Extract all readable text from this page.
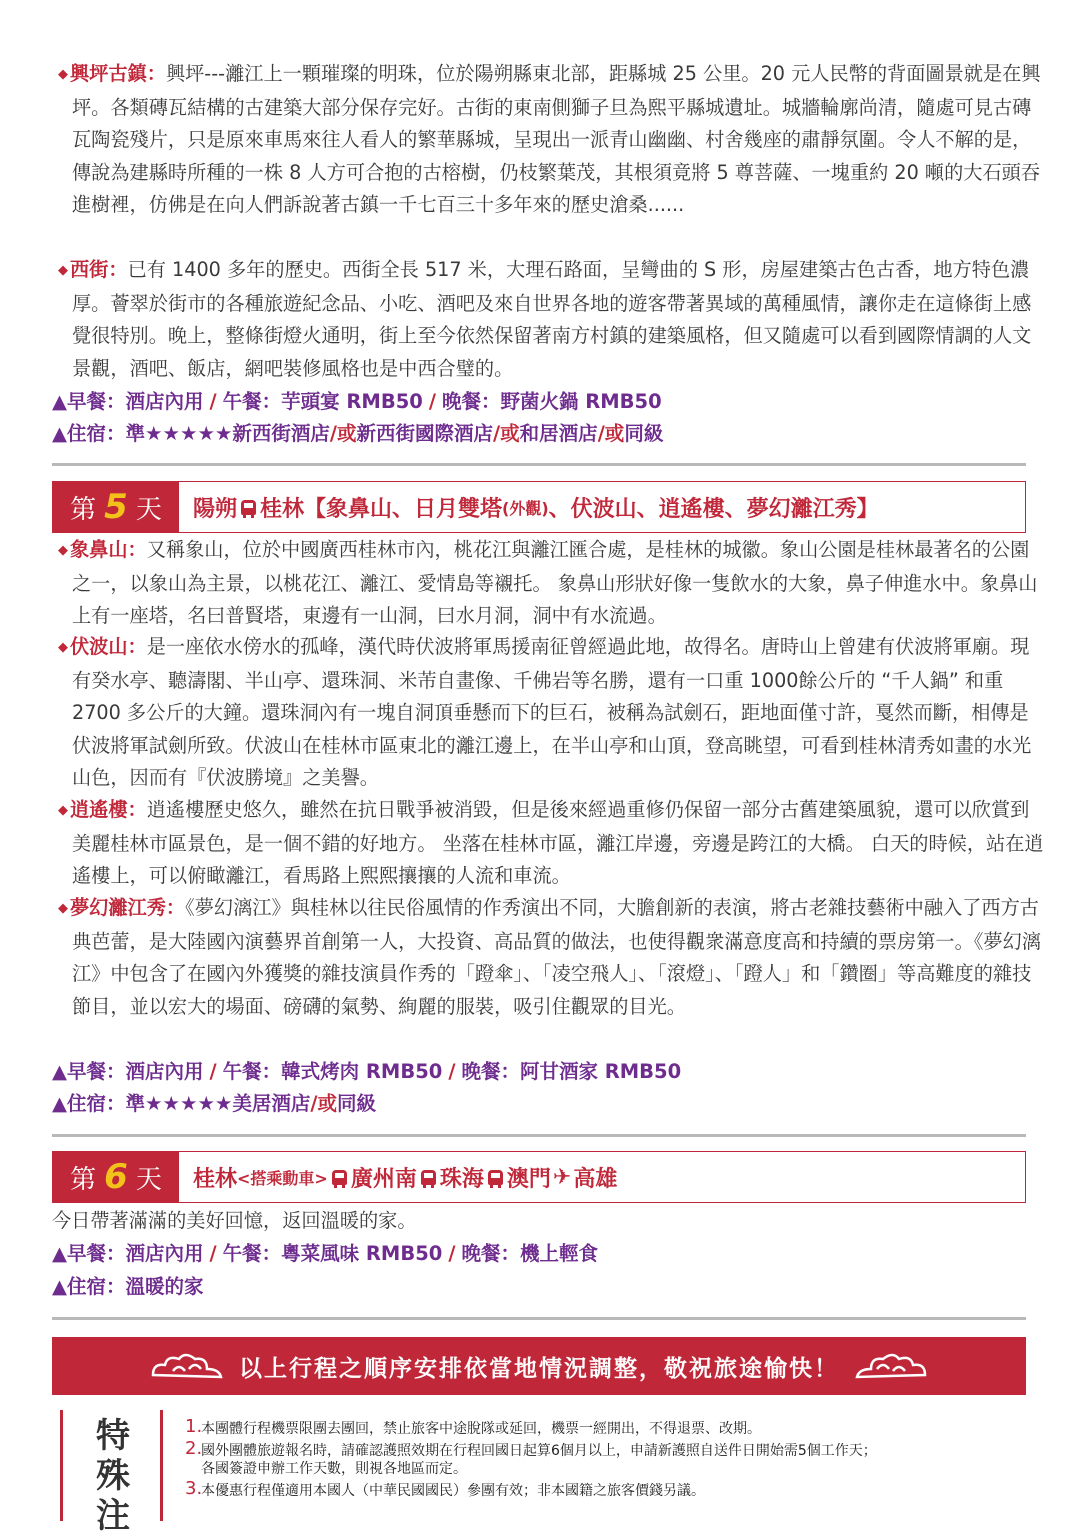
◆ 興坪古鎮：興坪---灕江上一顆璀璨的明珠，位於陽朔縣東北部，距縣城 25 公里。20 元人民幣的背面圖景就是在興坪。各類磚瓦結構的古建築大部分保存完好。古街的東南側獅子旦為熙平縣城遺址。城牆輪廓尚清，隨處可見古磚瓦陶瓷殘片，只是原來車馬來往人看人的繁華縣城，呈現出一派青山幽幽、村舍幾座的肅靜氛圍。令人不解的是，傳說為建縣時所種的一株 8 人方可合抱的古榕樹，仍枝繁葉茂，其根須竟將 5 尊菩薩、一塊重約 20 噸的大石頭吞進樹裡，仿佛是在向人們訴說著古鎮一千七百三十多年來的歷史滄桑......
◆ 西街：已有 1400 多年的歷史。西街全長 517 米，大理石路面，呈彎曲的 S 形，房屋建築古色古香，地方特色濃厚。薈翠於街市的各種旅遊紀念品、小吃、酒吧及來自世界各地的遊客帶著異域的萬種風情，讓你走在這條街上感覺很特別。晚上，整條街燈火通明，街上至今依然保留著南方村鎮的建築風格，但又隨處可以看到國際情調的人文景觀，酒吧、飯店，網吧裝修風格也是中西合璧的。
▲早餐：酒店內用 / 午餐：芋頭宴 RMB50 / 晚餐：野菌火鍋 RMB50
▲住宿：準★★★★★新西街酒店/或新西街國際酒店/或和居酒店/或同級
第 5 天 陽朔 桂林【象鼻山、日月雙塔 (外觀) 、伏波山、逍遙樓、夢幻灕江秀】
◆ 象鼻山：又稱象山，位於中國廣西桂林市內，桃花江與灕江匯合處，是桂林的城徽。象山公園是桂林最著名的公園之一，以象山為主景，以桃花江、灕江、愛情島等襯托。 象鼻山形狀好像一隻飲水的大象，鼻子伸進水中。象鼻山上有一座塔，名曰普賢塔，東邊有一山洞，曰水月洞，洞中有水流過。
◆ 伏波山：是一座依水傍水的孤峰，漢代時伏波將軍馬援南征曾經過此地，故得名。唐時山上曾建有伏波將軍廟。現有癸水亭、聽濤閣、半山亭、還珠洞、米芾自畫像、千佛岩等名勝，還有一口重 1000餘公斤的 “千人鍋” 和重 2700 多公斤的大鐘。還珠洞內有一塊自洞頂垂懸而下的巨石，被稱為試劍石，距地面僅寸許，戛然而斷，相傳是伏波將軍試劍所致。伏波山在桂林市區東北的灕江邊上，在半山亭和山頂，登高眺望，可看到桂林清秀如畫的水光山色，因而有『伏波勝境』之美譽。
◆ 逍遙樓：逍遙樓歷史悠久，雖然在抗日戰爭被消毀，但是後來經過重修仍保留一部分古舊建築風貌，還可以欣賞到美麗桂林市區景色，是一個不錯的好地方。 坐落在桂林市區，灕江岸邊，旁邊是跨江的大橋。 白天的時候，站在逍遙樓上，可以俯瞰灕江，看馬路上熙熙攘攘的人流和車流。
◆ 夢幻灕江秀：《夢幻漓江》與桂林以往民俗風情的作秀演出不同，大膽創新的表演，將古老雜技藝術中融入了西方古典芭蕾，是大陸國內演藝界首創第一人，大投資、高品質的做法，也使得觀衆滿意度高和持續的票房第一。《夢幻漓江》中包含了在國內外獲獎的雜技演員作秀的「蹬傘」、「凌空飛人」、「滾燈」、「蹬人」和「鑽圈」等高難度的雜技節目，並以宏大的場面、磅礴的氣勢、絢麗的服裝，吸引住觀眾的目光。
▲早餐：酒店內用 / 午餐：韓式烤肉 RMB50 / 晚餐：阿甘酒家 RMB50
▲住宿：準★★★★★美居酒店/或同級
第 6 天 桂林 <搭乘動車> 廣州南 珠海 澳門 ✈ 高雄
今日帶著滿滿的美好回憶，返回溫暖的家。
▲早餐：酒店內用 / 午餐：粵菜風味 RMB50 / 晚餐：機上輕食
▲住宿：溫暖的家
以上行程之順序安排依當地情況調整，敬祝旅途愉快！
特殊注
1.
本團體行程機票限團去團回，禁止旅客中途脫隊或延回，機票一經開出，不得退票、改期。
2.
國外團體旅遊報名時，請確認護照效期在行程回國日起算6個月以上，申請新護照自送件日開始需5個工作天；
各國簽證申辦工作天數，則視各地區而定。
3.
本優惠行程僅適用本國人（中華民國國民）參團有效；非本國籍之旅客價錢另議。
